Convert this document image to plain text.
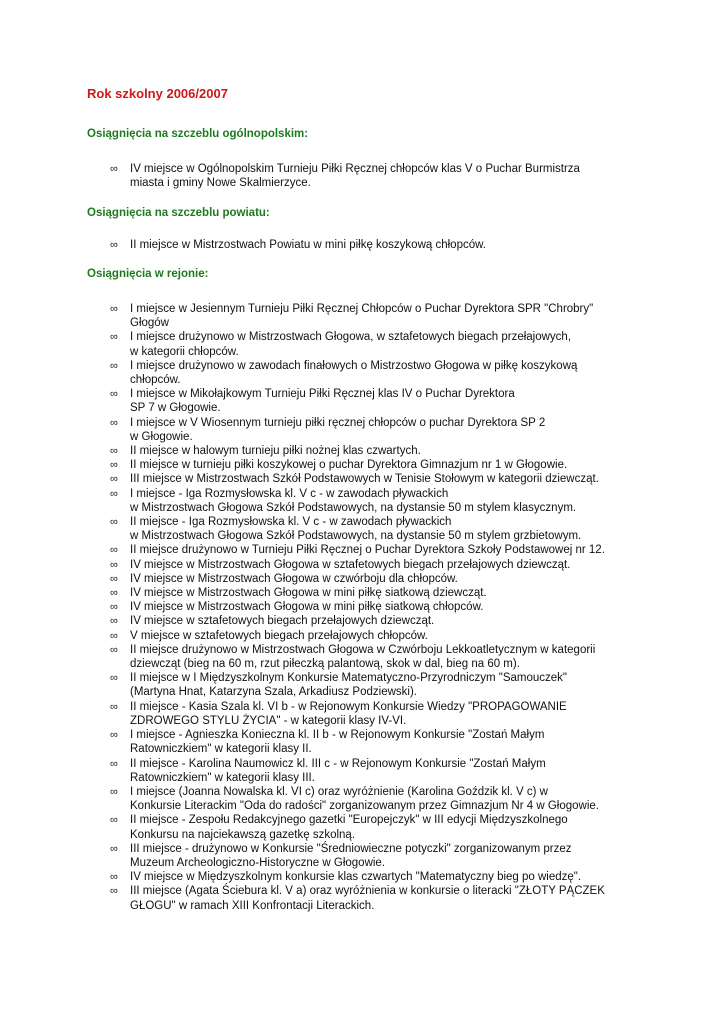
Rok szkolny 2006/2007
Osiągnięcia na szczeblu ogólnopolskim:
∞ IV miejsce w Ogólnopolskim Turnieju Piłki Ręcznej chłopców klas V o Puchar Burmistrza
miasta i gminy Nowe Skalmierzyce.
Osiągnięcia na szczeblu powiatu:
∞ II miejsce w Mistrzostwach Powiatu w mini piłkę koszykową chłopców.
Osiągnięcia w rejonie:
∞ I miejsce w Jesiennym Turnieju Piłki Ręcznej Chłopców o Puchar Dyrektora SPR "Chrobry"
Głogów
∞ I miejsce drużynowo w Mistrzostwach Głogowa, w sztafetowych biegach przełajowych,
w kategorii chłopców.
∞ I miejsce drużynowo w zawodach finałowych o Mistrzostwo Głogowa w piłkę koszykową
chłopców.
∞ I miejsce w Mikołajkowym Turnieju Piłki Ręcznej klas IV o Puchar Dyrektora
SP 7 w Głogowie.
∞ I miejsce w V Wiosennym turnieju piłki ręcznej chłopców o puchar Dyrektora SP 2
w Głogowie.
∞ II miejsce w halowym turnieju piłki nożnej klas czwartych.
∞ II miejsce w turnieju piłki koszykowej o puchar Dyrektora Gimnazjum nr 1 w Głogowie.
∞ III miejsce w Mistrzostwach Szkół Podstawowych w Tenisie Stołowym w kategorii dziewcząt.
∞ I miejsce - Iga Rozmysłowska kl. V c - w zawodach pływackich
w Mistrzostwach Głogowa Szkół Podstawowych, na dystansie 50 m stylem klasycznym.
∞ II miejsce - Iga Rozmysłowska kl. V c - w zawodach pływackich
w Mistrzostwach Głogowa Szkół Podstawowych, na dystansie 50 m stylem grzbietowym.
∞ II miejsce drużynowo w Turnieju Piłki Ręcznej o Puchar Dyrektora Szkoły Podstawowej nr 12.
∞ IV miejsce w Mistrzostwach Głogowa w sztafetowych biegach przełajowych dziewcząt.
∞ IV miejsce w Mistrzostwach Głogowa w czwórboju dla chłopców.
∞ IV miejsce w Mistrzostwach Głogowa w mini piłkę siatkową dziewcząt.
∞ IV miejsce w Mistrzostwach Głogowa w mini piłkę siatkową chłopców.
∞ IV miejsce w sztafetowych biegach przełajowych dziewcząt.
∞ V miejsce w sztafetowych biegach przełajowych chłopców.
∞ II miejsce drużynowo w Mistrzostwach Głogowa w Czwórboju Lekkoatletycznym w kategorii
dziewcząt (bieg na 60 m, rzut piłeczką palantową, skok w dal, bieg na 60 m).
∞ II miejsce w I Międzyszkolnym Konkursie Matematyczno-Przyrodniczym "Samouczek"
(Martyna Hnat, Katarzyna Szala, Arkadiusz Podziewski).
∞ II miejsce - Kasia Szala kl. VI b - w Rejonowym Konkursie Wiedzy "PROPAGOWANIE
ZDROWEGO STYLU ŻYCIA" - w kategorii klasy IV-VI.
∞ I miejsce - Agnieszka Konieczna kl. II b - w Rejonowym Konkursie "Zostań Małym
Ratowniczkiem" w kategorii klasy II.
∞ II miejsce - Karolina Naumowicz kl. III c - w Rejonowym Konkursie "Zostań Małym
Ratowniczkiem" w kategorii klasy III.
∞ I miejsce (Joanna Nowalska kl. VI c) oraz wyróżnienie (Karolina Goździk kl. V c) w
Konkursie Literackim "Oda do radości" zorganizowanym przez Gimnazjum Nr 4 w Głogowie.
∞ II miejsce - Zespołu Redakcyjnego gazetki "Europejczyk" w III edycji Międzyszkolnego
Konkursu na najciekawszą gazetkę szkolną.
∞ III miejsce - drużynowo w Konkursie "Średniowieczne potyczki" zorganizowanym przez
Muzeum Archeologiczno-Historyczne w Głogowie.
∞ IV miejsce w Międzyszkolnym konkursie klas czwartych "Matematyczny bieg po wiedzę".
∞ III miejsce (Agata Ściebura kl. V a) oraz wyróżnienia w konkursie o literacki "ZŁOTY PĄCZEK
GŁOGU" w ramach XIII Konfrontacji Literackich.
